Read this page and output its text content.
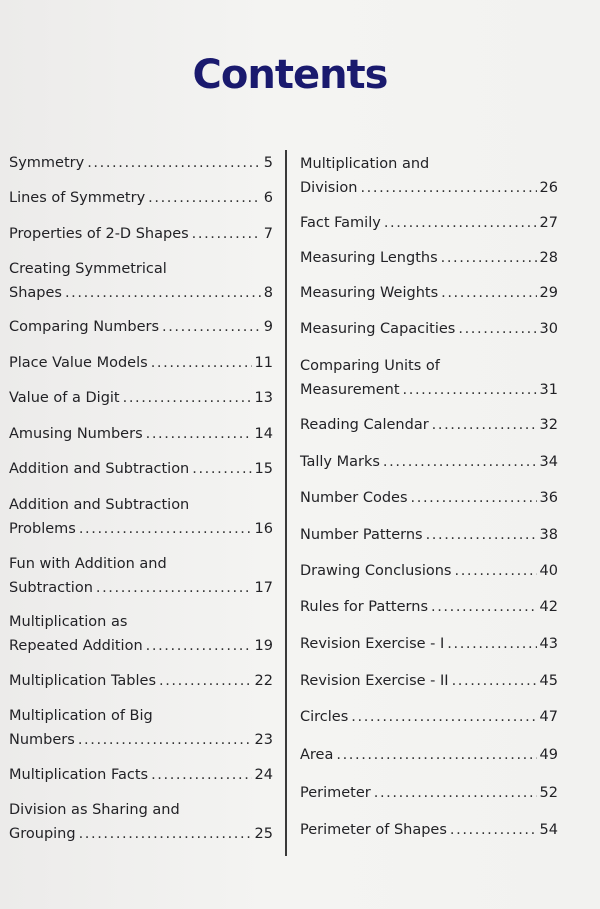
Contents
Symmetry .....	5
Lines of Symmetry .....	6
Properties of 2-D Shapes .....	7
Creating Symmetrical
Shapes .....	8
Comparing Numbers .....	9
Place Value Models .....	11
Value of a Digit .....	13
Amusing Numbers .....	14
Addition and Subtraction .....	15
Addition and Subtraction
Problems .....	16
Fun with Addition and
Subtraction .....	17
Multiplication as
Repeated Addition .....	19
Multiplication Tables .....	22
Multiplication of Big
Numbers .....	23
Multiplication Facts .....	24
Division as Sharing and
Grouping .....	25
Multiplication and
Division .....	26
Fact Family .....	27
Measuring Lengths .....	28
Measuring Weights .....	29
Measuring Capacities .....	30
Comparing Units of
Measurement .....	31
Reading Calendar .....	32
Tally Marks .....	34
Number Codes .....	36
Number Patterns .....	38
Drawing Conclusions .....	40
Rules for Patterns .....	42
Revision Exercise - I .....	43
Revision Exercise - II .....	45
Circles .....	47
Area .....	49
Perimeter .....	52
Perimeter of Shapes .....	54
